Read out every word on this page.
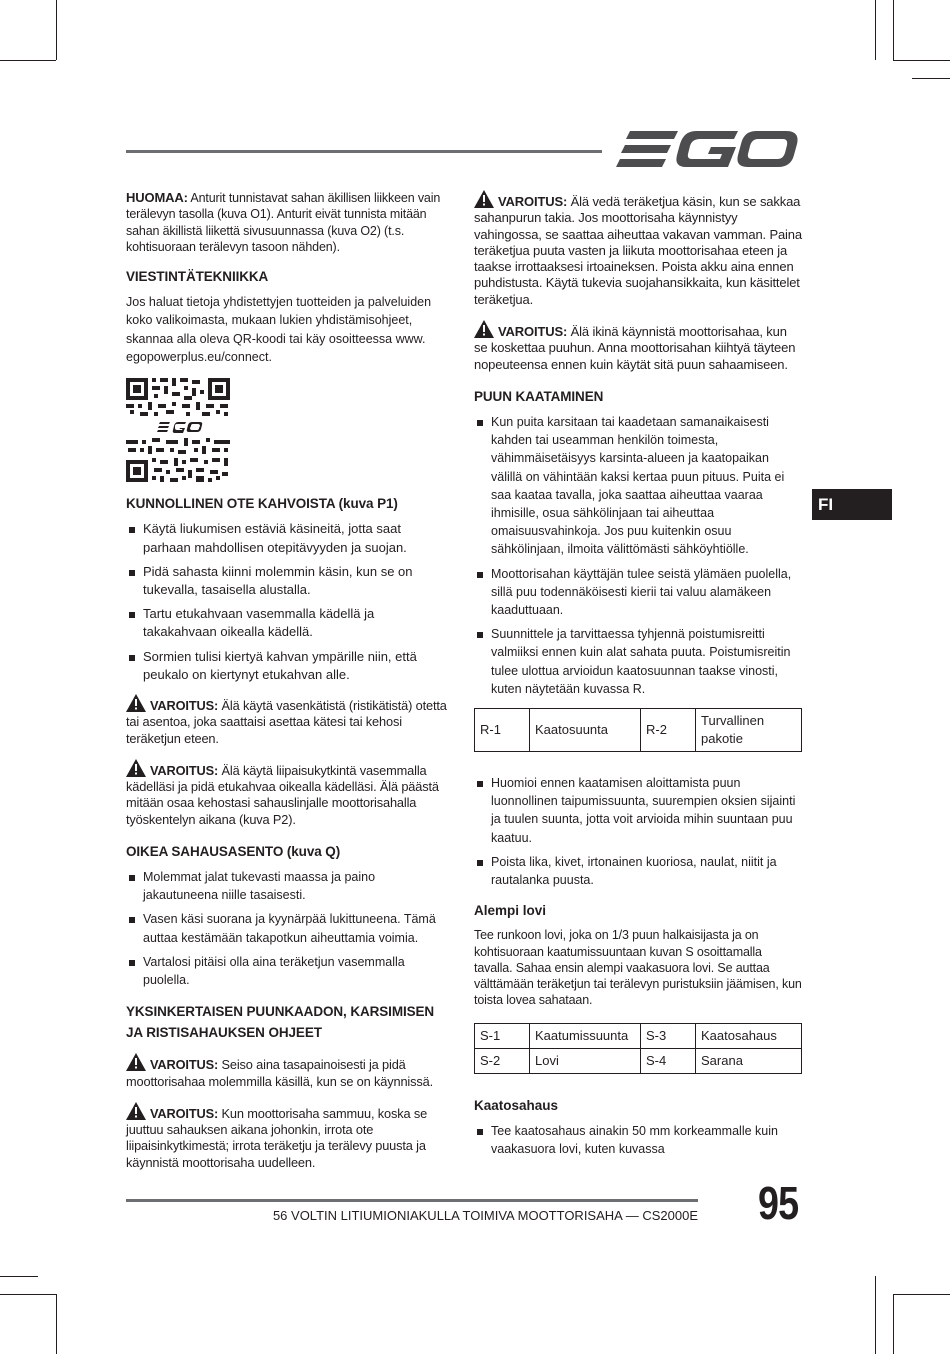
HUOMAA: Anturit tunnistavat sahan äkillisen liikkeen vain terälevyn tasolla (kuva O1). Anturit eivät tunnista mitään sahan äkillistä liikettä sivusuunnassa (kuva O2) (t.s. kohtisuoraan terälevyn tasoon nähden).

VIESTINTÄTEKNIIKKA

Jos haluat tietoja yhdistettyjen tuotteiden ja palveluiden koko valikoimasta, mukaan lukien yhdistämisohjeet, skannaa alla oleva QR-koodi tai käy osoitteessa www. egopowerplus.eu/connect.

KUNNOLLINEN OTE KAHVOISTA (kuva P1)
Käytä liukumisen estäviä käsineitä, jotta saat parhaan mahdollisen otepitävyyden ja suojan.
Pidä sahasta kiinni molemmin käsin, kun se on tukevalla, tasaisella alustalla.
Tartu etukahvaan vasemmalla kädellä ja takakahvaan oikealla kädellä.
Sormien tulisi kiertyä kahvan ympärille niin, että peukalo on kiertynyt etukahvan alle.

VAROITUS: Älä käytä vasenkätistä (ristikätistä) otetta tai asentoa, joka saattaisi asettaa kätesi tai kehosi teräketjun eteen.

VAROITUS: Älä käytä liipaisukytkintä vasemmalla kädelläsi ja pidä etukahvaa oikealla kädelläsi. Älä päästä mitään osaa kehostasi sahauslinjalle moottorisahalla työskentelyn aikana (kuva P2).

OIKEA SAHAUSASENTO (kuva Q)
Molemmat jalat tukevasti maassa ja paino jakautuneena niille tasaisesti.
Vasen käsi suorana ja kyynärpää lukittuneena. Tämä auttaa kestämään takapotkun aiheuttamia voimia.
Vartalosi pitäisi olla aina teräketjun vasemmalla puolella.
YKSINKERTAISEN PUUNKAADON, KARSIMISEN JA RISTISAHAUKSEN OHJEET

VAROITUS: Seiso aina tasapainoisesti ja pidä moottorisahaa molemmilla käsillä, kun se on käynnissä.

VAROITUS: Kun moottorisaha sammuu, koska se juuttuu sahauksen aikana johonkin, irrota ote liipaisinkytkimestä; irrota teräketju ja terälevy puusta ja käynnistä moottorisaha uudelleen.

VAROITUS: Älä vedä teräketjua käsin, kun se sakkaa sahanpurun takia. Jos moottorisaha käynnistyy vahingossa, se saattaa aiheuttaa vakavan vamman. Paina teräketjua puuta vasten ja liikuta moottorisahaa eteen ja taakse irrottaaksesi irtoaineksen. Poista akku aina ennen puhdistusta. Käytä tukevia suojahansikkaita, kun käsittelet teräketjua.

VAROITUS: Älä ikinä käynnistä moottorisahaa, kun se koskettaa puuhun. Anna moottorisahan kiihtyä täyteen nopeuteensa ennen kuin käytät sitä puun sahaamiseen.

PUUN KAATAMINEN
Kun puita karsitaan tai kaadetaan samanaikaisesti kahden tai useamman henkilön toimesta, vähimmäisetäisyys karsinta-alueen ja kaatopaikan välillä on vähintään kaksi kertaa puun pituus. Puita ei saa kaataa tavalla, joka saattaa aiheuttaa vaaraa ihmisille, osua sähkölinjaan tai aiheuttaa omaisuusvahinkoja. Jos puu kuitenkin osuu sähkölinjaan, ilmoita välittömästi sähköyhtiölle.
Moottorisahan käyttäjän tulee seistä ylämäen puolella, sillä puu todennäköisesti kierii tai valuu alamäkeen kaaduttuaan.
Suunnittele ja tarvittaessa tyhjennä poistumisreitti valmiiksi ennen kuin alat sahata puuta. Poistumisreitin tulee ulottua arvioidun kaatosuunnan taakse vinosti, kuten näytetään kuvassa R.
R-1	Kaatosuunta	R-2	Turvallinen pakotie
Huomioi ennen kaatamisen aloittamista puun luonnollinen taipumissuunta, suurempien oksien sijainti ja tuulen suunta, jotta voit arvioida mihin suuntaan puu kaatuu.
Poista lika, kivet, irtonainen kuoriosa, naulat, niitit ja rautalanka puusta.
Alempi lovi

Tee runkoon lovi, joka on 1/3 puun halkaisijasta ja on kohtisuoraan kaatumissuuntaan kuvan S osoittamalla tavalla. Sahaa ensin alempi vaakasuora lovi. Se auttaa välttämään teräketjun tai terälevyn puristuksiin jäämisen, kun toista lovea sahataan.

S-1	Kaatumissuunta	S-3	Kaatosahaus
S-2	Lovi	S-4	Sarana
Kaatosahaus
Tee kaatosahaus ainakin 50 mm korkeammalle kuin vaakasuora lovi, kuten kuvassa
FI
56 VOLTIN LITIUMIONIAKULLA TOIMIVA MOOTTORISAHA — CS2000E 95
